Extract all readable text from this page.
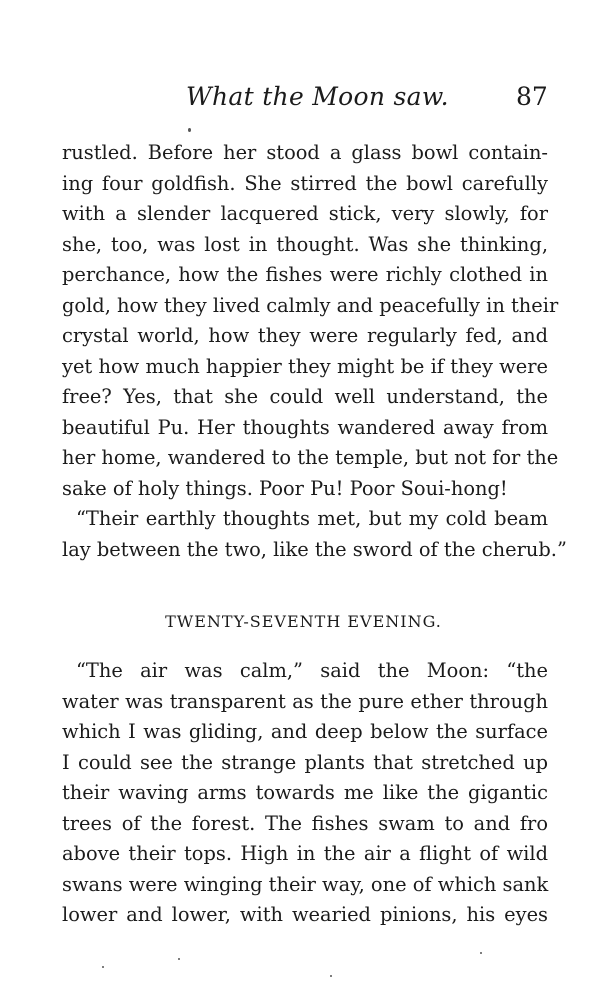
What the Moon saw.	87
rustled. Before her stood a glass bowl contain-
ing four goldfish. She stirred the bowl carefully
with a slender lacquered stick, very slowly, for
she, too, was lost in thought. Was she thinking,
perchance, how the fishes were richly clothed in
gold, how they lived calmly and peacefully in their
crystal world, how they were regularly fed, and
yet how much happier they might be if they were
free? Yes, that she could well understand, the
beautiful Pu. Her thoughts wandered away from
her home, wandered to the temple, but not for the
sake of holy things. Poor Pu! Poor Soui-hong!
“Their earthly thoughts met, but my cold beam
lay between the two, like the sword of the cherub.”
TWENTY-SEVENTH EVENING.
“The air was calm,” said the Moon: “the
water was transparent as the pure ether through
which I was gliding, and deep below the surface
I could see the strange plants that stretched up
their waving arms towards me like the gigantic
trees of the forest. The fishes swam to and fro
above their tops. High in the air a flight of wild
swans were winging their way, one of which sank
lower and lower, with wearied pinions, his eyes
